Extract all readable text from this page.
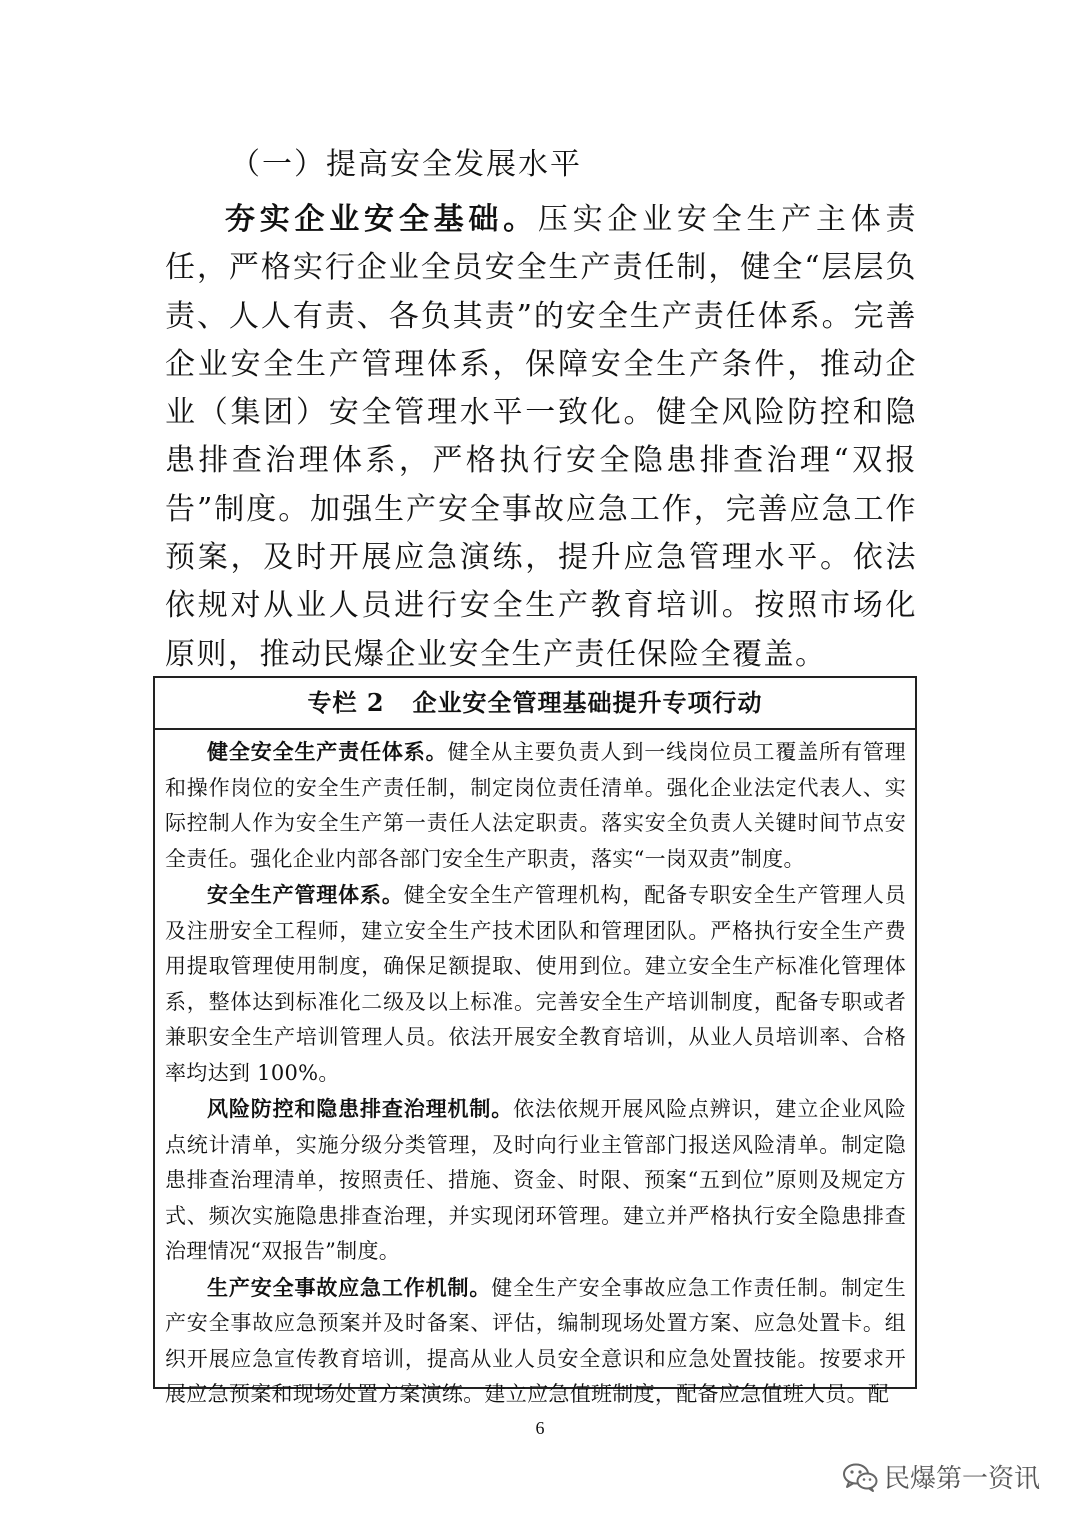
（一）提高安全发展水平

夯实企业安全基础。压实企业安全生产主体责任，严格实行企业全员安全生产责任制，健全“层层负责、人人有责、各负其责”的安全生产责任体系。完善企业安全生产管理体系，保障安全生产条件，推动企业（集团）安全管理水平一致化。健全风险防控和隐患排查治理体系，严格执行安全隐患排查治理“双报告”制度。加强生产安全事故应急工作，完善应急工作预案，及时开展应急演练，提升应急管理水平。依法依规对从业人员进行安全生产教育培训。按照市场化原则，推动民爆企业安全生产责任保险全覆盖。

专栏 2 企业安全管理基础提升专项行动

健全安全生产责任体系。健全从主要负责人到一线岗位员工覆盖所有管理和操作岗位的安全生产责任制，制定岗位责任清单。强化企业法定代表人、实际控制人作为安全生产第一责任人法定职责。落实安全负责人关键时间节点安全责任。强化企业内部各部门安全生产职责，落实“一岗双责”制度。

安全生产管理体系。健全安全生产管理机构，配备专职安全生产管理人员及注册安全工程师，建立安全生产技术团队和管理团队。严格执行安全生产费用提取管理使用制度，确保足额提取、使用到位。建立安全生产标准化管理体系，整体达到标准化二级及以上标准。完善安全生产培训制度，配备专职或者兼职安全生产培训管理人员。依法开展安全教育培训，从业人员培训率、合格率均达到 100%。

风险防控和隐患排查治理机制。依法依规开展风险点辨识，建立企业风险点统计清单，实施分级分类管理，及时向行业主管部门报送风险清单。制定隐患排查治理清单，按照责任、措施、资金、时限、预案“五到位”原则及规定方式、频次实施隐患排查治理，并实现闭环管理。建立并严格执行安全隐患排查治理情况“双报告”制度。

生产安全事故应急工作机制。健全生产安全事故应急工作责任制。制定生产安全事故应急预案并及时备案、评估，编制现场处置方案、应急处置卡。组织开展应急宣传教育培训，提高从业人员安全意识和应急处置技能。按要求开展应急预案和现场处置方案演练。建立应急值班制度，配备应急值班人员。配

6
民爆第一资讯
